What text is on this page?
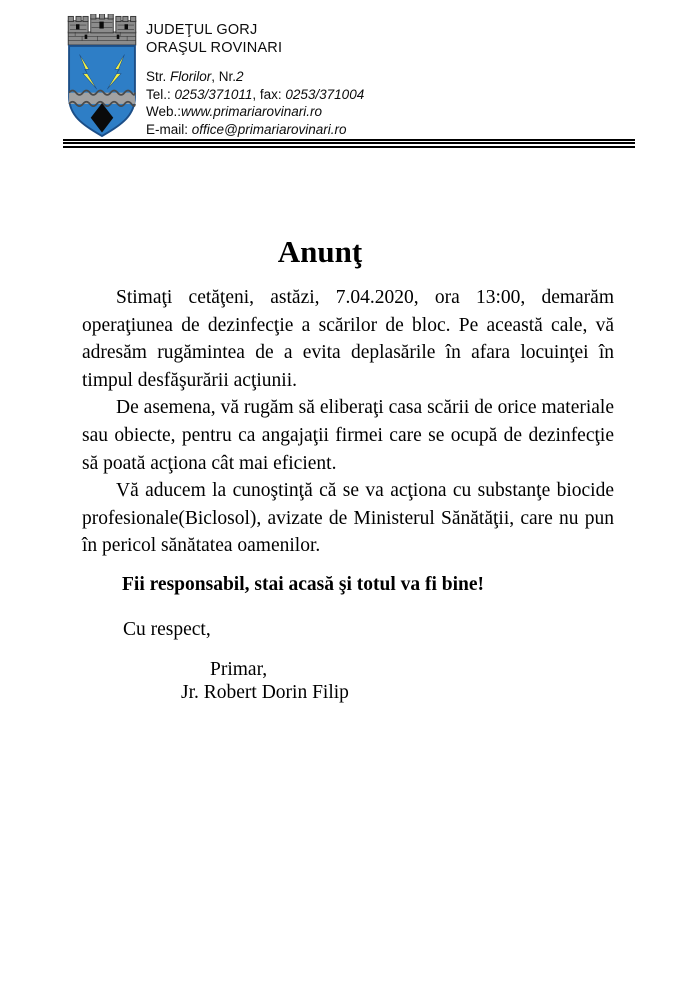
JUDEŢUL GORJ
ORAŞUL ROVINARI
Str. Florilor, Nr.2
Tel.: 0253/371011, fax: 0253/371004
Web.:www.primariarovinari.ro
E-mail: office@primariarovinari.ro
Anunţ

Stimaţi cetăţeni, astăzi, 7.04.2020, ora 13:00, demarăm operaţiunea de dezinfecţie a scărilor de bloc. Pe această cale, vă adresăm rugămintea de a evita deplasările în afara locuinţei în timpul desfăşurării acţiunii.

De asemena, vă rugăm să eliberaţi casa scării de orice materiale sau obiecte, pentru ca angajaţii firmei care se ocupă de dezinfecţie să poată acţiona cât mai eficient.

Vă aducem la cunoştinţă că se va acţiona cu substanţe biocide profesionale(Biclosol), avizate de Ministerul Sănătăţii, care nu pun în pericol sănătatea oamenilor.

Fii responsabil, stai acasă şi totul va fi bine!
Cu respect,
Primar,
Jr. Robert Dorin Filip
